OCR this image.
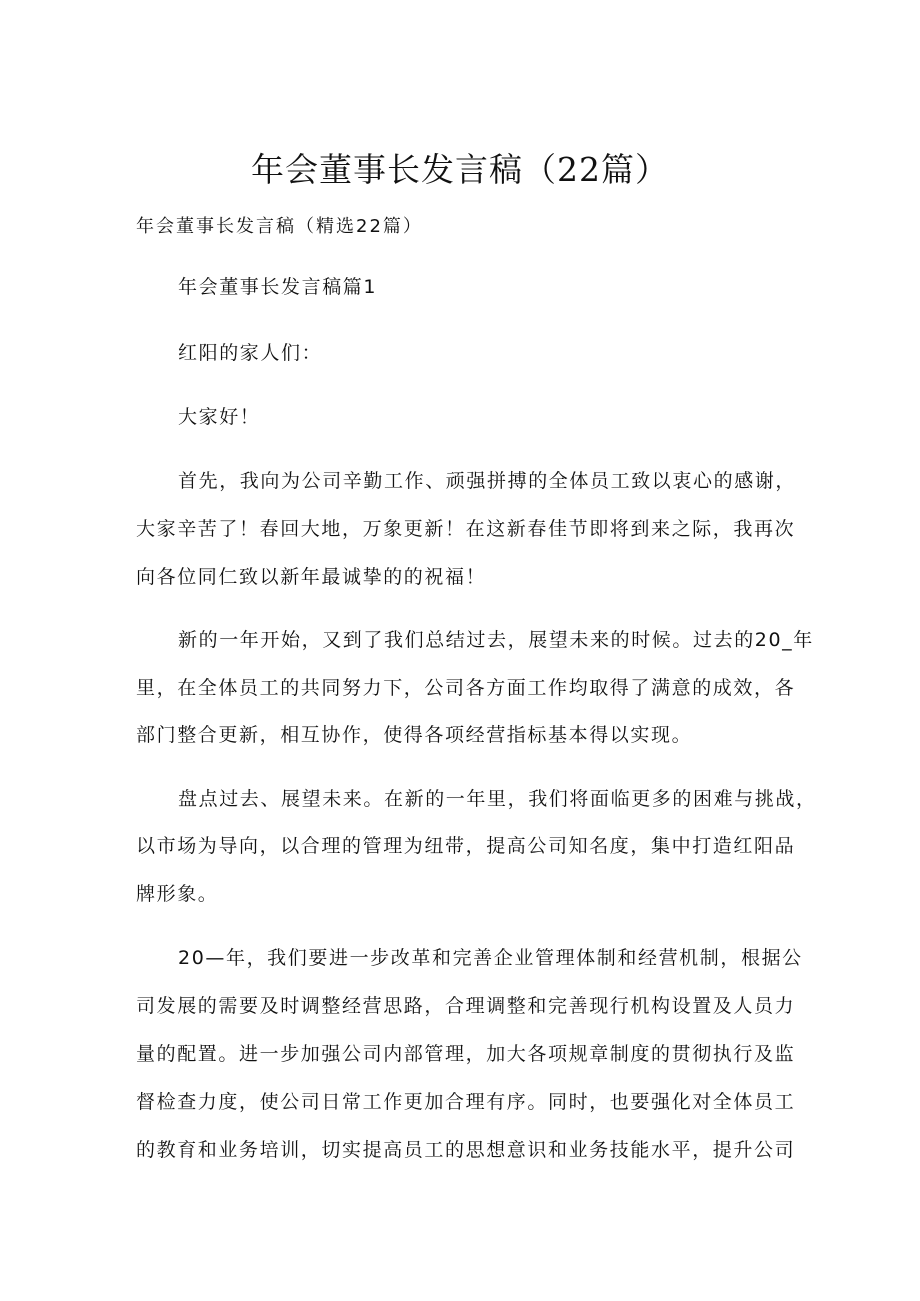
年会董事长发言稿（22篇）

年会董事长发言稿（精选22篇）

年会董事长发言稿篇1

红阳的家人们：

大家好！

首先，我向为公司辛勤工作、顽强拼搏的全体员工致以衷心的感谢，

大家辛苦了！春回大地，万象更新！在这新春佳节即将到来之际，我再次

向各位同仁致以新年最诚挚的的祝福！

新的一年开始，又到了我们总结过去，展望未来的时候。过去的20_年

里，在全体员工的共同努力下，公司各方面工作均取得了满意的成效，各

部门整合更新，相互协作，使得各项经营指标基本得以实现。

盘点过去、展望未来。在新的一年里，我们将面临更多的困难与挑战，

以市场为导向，以合理的管理为纽带，提高公司知名度，集中打造红阳品

牌形象。

20—年，我们要进一步改革和完善企业管理体制和经营机制，根据公

司发展的需要及时调整经营思路，合理调整和完善现行机构设置及人员力

量的配置。进一步加强公司内部管理，加大各项规章制度的贯彻执行及监

督检查力度，使公司日常工作更加合理有序。同时，也要强化对全体员工

的教育和业务培训，切实提高员工的思想意识和业务技能水平，提升公司
